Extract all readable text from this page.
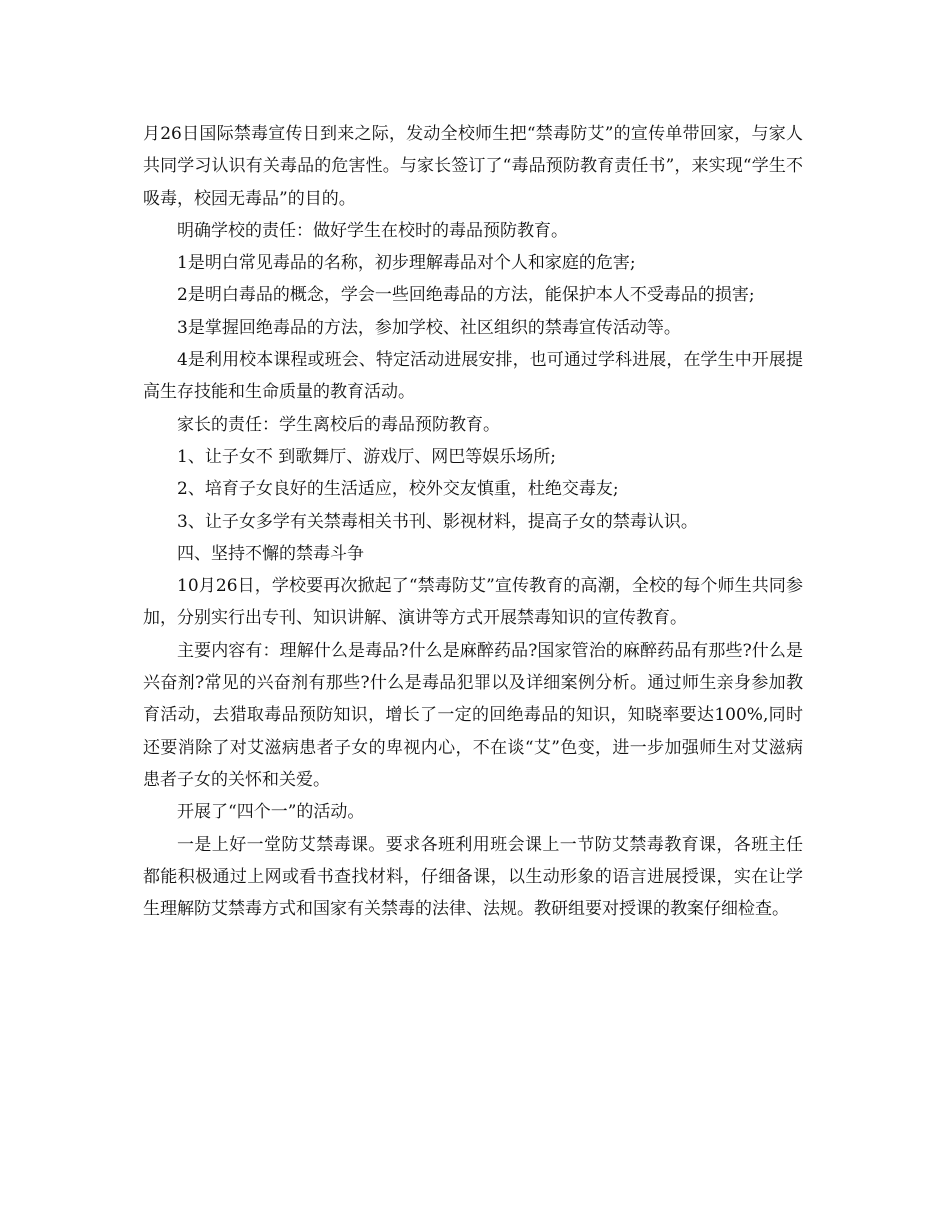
月26日国际禁毒宣传日到来之际，发动全校师生把“禁毒防艾”的宣传单带回家，与家人共同学习认识有关毒品的危害性。与家长签订了“毒品预防教育责任书”，来实现“学生不吸毒，校园无毒品”的目的。

明确学校的责任：做好学生在校时的毒品预防教育。

1是明白常见毒品的名称，初步理解毒品对个人和家庭的危害;

2是明白毒品的概念，学会一些回绝毒品的方法，能保护本人不受毒品的损害;

3是掌握回绝毒品的方法，参加学校、社区组织的禁毒宣传活动等。

4是利用校本课程或班会、特定活动进展安排，也可通过学科进展，在学生中开展提高生存技能和生命质量的教育活动。

家长的责任：学生离校后的毒品预防教育。

1、让子女不 到歌舞厅、游戏厅、网巴等娱乐场所;

2、培育子女良好的生活适应，校外交友慎重，杜绝交毒友;

3、让子女多学有关禁毒相关书刊、影视材料，提高子女的禁毒认识。

四、坚持不懈的禁毒斗争

10月26日，学校要再次掀起了“禁毒防艾”宣传教育的高潮，全校的每个师生共同参加，分别实行出专刊、知识讲解、演讲等方式开展禁毒知识的宣传教育。

主要内容有：理解什么是毒品?什么是麻醉药品?国家管治的麻醉药品有那些?什么是兴奋剂?常见的兴奋剂有那些?什么是毒品犯罪以及详细案例分析。通过师生亲身参加教育活动，去猎取毒品预防知识，增长了一定的回绝毒品的知识，知晓率要达100%,同时还要消除了对艾滋病患者子女的卑视内心，不在谈“艾”色变，进一步加强师生对艾滋病患者子女的关怀和关爱。

开展了“四个一”的活动。

一是上好一堂防艾禁毒课。要求各班利用班会课上一节防艾禁毒教育课，各班主任都能积极通过上网或看书查找材料，仔细备课，以生动形象的语言进展授课，实在让学生理解防艾禁毒方式和国家有关禁毒的法律、法规。教研组要对授课的教案仔细检查。
